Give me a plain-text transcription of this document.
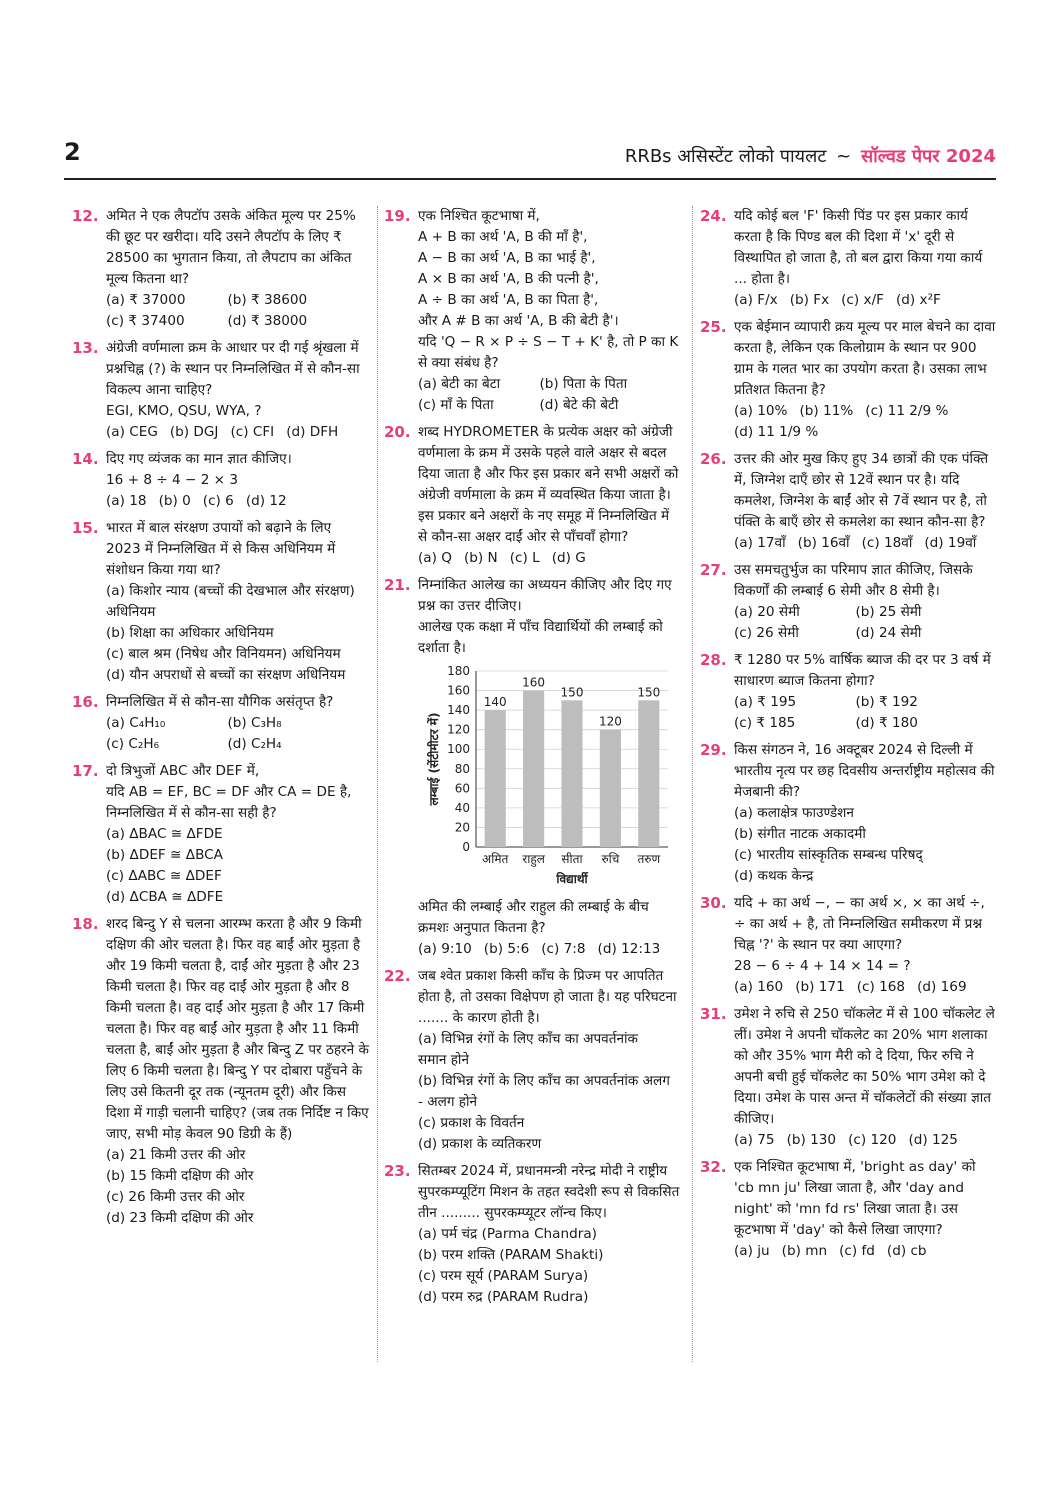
2	RRBs असिस्टेंट लोको पायलट ~ सॉल्वड पेपर 2024
12. अमित ने एक लैपटॉप उसके अंकित मूल्य पर 25% की छूट पर खरीदा। यदि उसने लैपटॉप के लिए ₹ 28500 का भुगतान किया, तो लैपटाप का अंकित मूल्य कितना था?
(a) ₹ 37000	(b) ₹ 38600
(c) ₹ 37400	(d) ₹ 38000
13. अंग्रेजी वर्णमाला क्रम के आधार पर दी गई श्रृंखला में प्रश्नचिह्न (?) के स्थान पर निम्नलिखित में से कौन-सा विकल्प आना चाहिए?
EGI, KMO, QSU, WYA, ?
(a) CEG (b) DGJ (c) CFI (d) DFH
14. दिए गए व्यंजक का मान ज्ञात कीजिए।
16 + 8 ÷ 4 − 2 × 3
(a) 18 (b) 0 (c) 6 (d) 12
15. भारत में बाल संरक्षण उपायों को बढ़ाने के लिए 2023 में निम्नलिखित में से किस अधिनियम में संशोधन किया गया था?
(a) किशोर न्याय (बच्चों की देखभाल और संरक्षण) अधिनियम
(b) शिक्षा का अधिकार अधिनियम
(c) बाल श्रम (निषेध और विनियमन) अधिनियम
(d) यौन अपराधों से बच्चों का संरक्षण अधिनियम
16. निम्नलिखित में से कौन-सा यौगिक असंतृप्त है?
(a) C₄H₁₀	(b) C₃H₈
(c) C₂H₆	(d) C₂H₄
17. दो त्रिभुजों ABC और DEF में,
यदि AB = EF, BC = DF और CA = DE है, निम्नलिखित में से कौन-सा सही है?
(a) ΔBAC ≅ ΔFDE
(b) ΔDEF ≅ ΔBCA
(c) ΔABC ≅ ΔDEF
(d) ΔCBA ≅ ΔDFE
18. शरद बिन्दु Y से चलना आरम्भ करता है और 9 किमी दक्षिण की ओर चलता है। फिर वह बाईं ओर मुड़ता है और 19 किमी चलता है, दाईं ओर मुड़ता है और 23 किमी चलता है। फिर वह दाईं ओर मुड़ता है और 8 किमी चलता है। वह दाईं ओर मुड़ता है और 17 किमी चलता है। फिर वह बाईं ओर मुड़ता है और 11 किमी चलता है, बाईं ओर मुड़ता है और बिन्दु Z पर ठहरने के लिए 6 किमी चलता है। बिन्दु Y पर दोबारा पहुँचने के लिए उसे कितनी दूर तक (न्यूनतम दूरी) और किस दिशा में गाड़ी चलानी चाहिए? (जब तक निर्दिष्ट न किए जाए, सभी मोड़ केवल 90 डिग्री के हैं)
(a) 21 किमी उत्तर की ओर
(b) 15 किमी दक्षिण की ओर
(c) 26 किमी उत्तर की ओर
(d) 23 किमी दक्षिण की ओर
19. एक निश्चित कूटभाषा में,
A + B का अर्थ 'A, B की माँ है',
A − B का अर्थ 'A, B का भाई है',
A × B का अर्थ 'A, B की पत्नी है',
A ÷ B का अर्थ 'A, B का पिता है',
और A # B का अर्थ 'A, B की बेटी है'।
यदि 'Q − R × P ÷ S − T + K' है, तो P का K से क्या संबंध है?
(a) बेटी का बेटा	(b) पिता के पिता
(c) माँ के पिता	(d) बेटे की बेटी
20. शब्द HYDROMETER के प्रत्येक अक्षर को अंग्रेजी वर्णमाला के क्रम में उसके पहले वाले अक्षर से बदल दिया जाता है और फिर इस प्रकार बने सभी अक्षरों को अंग्रेजी वर्णमाला के क्रम में व्यवस्थित किया जाता है। इस प्रकार बने अक्षरों के नए समूह में निम्नलिखित में से कौन-सा अक्षर दाईं ओर से पाँचवाँ होगा?
(a) Q (b) N (c) L (d) G
21. निम्नांकित आलेख का अध्ययन कीजिए और दिए गए प्रश्न का उत्तर दीजिए।
आलेख एक कक्षा में पाँच विद्यार्थियों की लम्बाई को दर्शाता है।
0
20
40
60
80
100
120
140
160
180
140
अमित
160
राहुल
150
सीता
120
रुचि
150
तरुण
विद्यार्थी
लम्बाई (सेंटीमीटर में)
अमित की लम्बाई और राहुल की लम्बाई के बीच क्रमशः अनुपात कितना है?
(a) 9:10 (b) 5:6 (c) 7:8 (d) 12:13
22. जब श्वेत प्रकाश किसी काँच के प्रिज्म पर आपतित होता है, तो उसका विक्षेपण हो जाता है। यह परिघटना ....... के कारण होती है।
(a) विभिन्न रंगों के लिए काँच का अपवर्तनांक समान होने
(b) विभिन्न रंगों के लिए काँच का अपवर्तनांक अलग - अलग होने
(c) प्रकाश के विवर्तन
(d) प्रकाश के व्यतिकरण
23. सितम्बर 2024 में, प्रधानमन्त्री नरेन्द्र मोदी ने राष्ट्रीय सुपरकम्प्यूटिंग मिशन के तहत स्वदेशी रूप से विकसित तीन ......... सुपरकम्प्यूटर लॉन्च किए।
(a) पर्म चंद्र (Parma Chandra)
(b) परम शक्ति (PARAM Shakti)
(c) परम सूर्य (PARAM Surya)
(d) परम रुद्र (PARAM Rudra)
24. यदि कोई बल 'F' किसी पिंड पर इस प्रकार कार्य करता है कि पिण्ड बल की दिशा में 'x' दूरी से विस्थापित हो जाता है, तो बल द्वारा किया गया कार्य ... होता है।
(a) F/x (b) Fx (c) x/F (d) x²F
25. एक बेईमान व्यापारी क्रय मूल्य पर माल बेचने का दावा करता है, लेकिन एक किलोग्राम के स्थान पर 900 ग्राम के गलत भार का उपयोग करता है। उसका लाभ प्रतिशत कितना है?
(a) 10% (b) 11% (c) 11 2/9 %
(d) 11 1/9 %
26. उत्तर की ओर मुख किए हुए 34 छात्रों की एक पंक्ति में, जिग्नेश दाएँ छोर से 12वें स्थान पर है। यदि कमलेश, जिग्नेश के बाईं ओर से 7वें स्थान पर है, तो पंक्ति के बाएँ छोर से कमलेश का स्थान कौन-सा है?
(a) 17वाँ (b) 16वाँ (c) 18वाँ (d) 19वाँ
27. उस समचतुर्भुज का परिमाप ज्ञात कीजिए, जिसके विकर्णों की लम्बाई 6 सेमी और 8 सेमी है।
(a) 20 सेमी	(b) 25 सेमी
(c) 26 सेमी	(d) 24 सेमी
28. ₹ 1280 पर 5% वार्षिक ब्याज की दर पर 3 वर्ष में साधारण ब्याज कितना होगा?
(a) ₹ 195	(b) ₹ 192
(c) ₹ 185	(d) ₹ 180
29. किस संगठन ने, 16 अक्टूबर 2024 से दिल्ली में भारतीय नृत्य पर छह दिवसीय अन्तर्राष्ट्रीय महोत्सव की मेजबानी की?
(a) कलाक्षेत्र फाउण्डेशन
(b) संगीत नाटक अकादमी
(c) भारतीय सांस्कृतिक सम्बन्ध परिषद्
(d) कथक केन्द्र
30. यदि + का अर्थ −, − का अर्थ ×, × का अर्थ ÷, ÷ का अर्थ + है, तो निम्नलिखित समीकरण में प्रश्न चिह्न '?' के स्थान पर क्या आएगा?
28 − 6 ÷ 4 + 14 × 14 = ?
(a) 160 (b) 171 (c) 168 (d) 169
31. उमेश ने रुचि से 250 चॉकलेट में से 100 चॉकलेट ले लीं। उमेश ने अपनी चॉकलेट का 20% भाग शलाका को और 35% भाग मैरी को दे दिया, फिर रुचि ने अपनी बची हुई चॉकलेट का 50% भाग उमेश को दे दिया। उमेश के पास अन्त में चॉकलेटों की संख्या ज्ञात कीजिए।
(a) 75 (b) 130 (c) 120 (d) 125
32. एक निश्चित कूटभाषा में, 'bright as day' को 'cb mn ju' लिखा जाता है, और 'day and night' को 'mn fd rs' लिखा जाता है। उस कूटभाषा में 'day' को कैसे लिखा जाएगा?
(a) ju (b) mn (c) fd (d) cb
